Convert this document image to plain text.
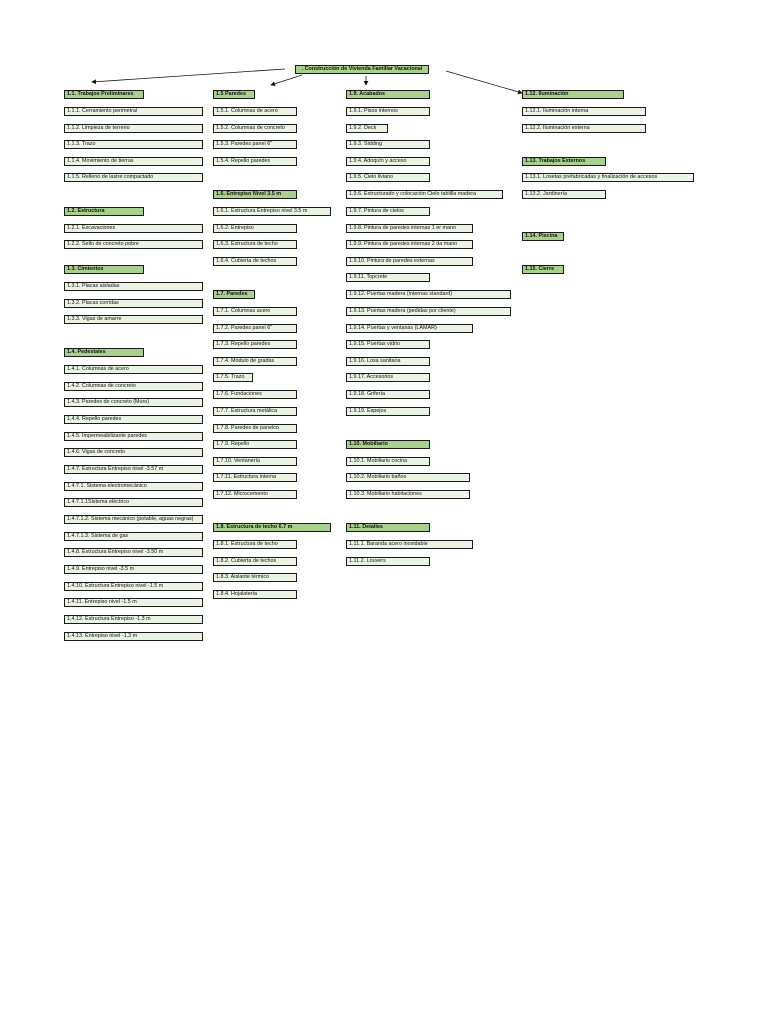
. Construcción de Vivienda Familiar Vacacional
1.1. Trabajos Preliminares
1.1.1. Cerramiento perimetral
1.1.2. Limpieza de terreno
1.1.3. Trazo
1.1.4. Movimiento de tierras
1.1.5. Relleno de lastre compactado
1.2. Estructura
1.2.1. Excavaciones
1.2.2. Sello de concreto pobre
1.3. Cimientos
1.3.1. Placas aisladas
1.3.2. Placas corridas
1.3.3. Vigas de amarre
1.4. Pedestales
1.4.1. Columnas de acero
1.4.2. Columnas de concreto
1.4.3. Paredes de concreto (Muro)
1.4.4. Repello paredes
1.4.5. Impermeabilizante paredes
1.4.6. Vigas de concreto
1.4.7. Estructura Entrepiso nivel -3.57 m
1.4.7.1. Sistema electromecánico
1.4.7.1.1Sistema eléctrico
1.4.7.1.2. Sistema mecánico (potable, aguas negras)
1.4.7.1.3. Sistema de gas
1.4.8. Estructura Entrepiso nivel -3.50 m
1.4.9. Entrepiso nivel -3.5 m
1.4.10. Estructura Entrepiso nivel -1.5 m
1.4.11. Entrepiso nivel -1.5 m
1.4.12. Estructura Entrepiso -1.3 m
1.4.13. Entrepiso nivel -1.3 m
1.5 Paredes
1.5.1. Columnas de acero
1.5.2. Columnas de concreto
1.5.3. Paredes panel 6"
1.5.4. Repello paredes
1.6. Entrepiso Nivel 3.5 m
1.6.1. Estructura Entrepiso nivel 3.5 m
1.6.2. Entrepiso
1.6.3. Estructura de techo
1.6.4. Cubierta de techos
1.7. Paredes
1.7.1. Columnas acero
1.7.2. Paredes panel 6"
1.7.3. Repello paredes
1.7.4. Módulo de gradas
1.7.5. Trazo
1.7.6. Fundaciones
1.7.7. Estructura metálica
1.7.8. Paredes de panelco
1.7.9. Repello
1.7.10. Ventanería
1.7.11. Estructura interna
1.7.12. Microcemento
1.8. Estructura de techo 6.7 m
1.8.1. Estructura de techo
1.8.2. Cubierta de techos
1.8.3. Aislante térmico
1.8.4. Hojalatería
1.9. Acabados
1.9.1. Pisos internos
1.9.2. Deck
1.9.3. Sidding
1.9.4. Adoquín y acceso
1.9.5. Cielo liviano
1.9.6. Estructurado y colocación Cielo tablilla madera
1.9.7. Pintura de cielos
1.9.8. Pintura de paredes internas 1 er mano
1.9.9. Pintura de paredes internas 2 da mano
1.9.10. Pintura de paredes externas
1.9.11. Topcrete
1.9.12. Puertas madera (internas standard)
1.9.13. Puertas madera (pedidas por cliente)
1.9.14. Puertas y ventanas (LAMAR)
1.9.15. Puertas vidrio
1.9.16. Losa sanitaria
1.9.17. Accesorios
1.9.18. Grifería
1.9.19. Espejos
1.10. Mobiliario
1.10.1. Mobiliario cocina
1.10.2. Mobiliario baños
1.10.3. Mobiliario habitaciones
1.11. Detalles
1.11.1. Baranda acero inoxidable
1.11.2. Louvers
1.12. Iluminación
1.12.1. Iluminación interna
1.12.2. Iluminación externa
1.13. Trabajos Externos
1.13.1. Losetas prefabricadas y finalización de accesos
1.13.2. Jardinería
1.14. Piscina
1.15. Cierre
